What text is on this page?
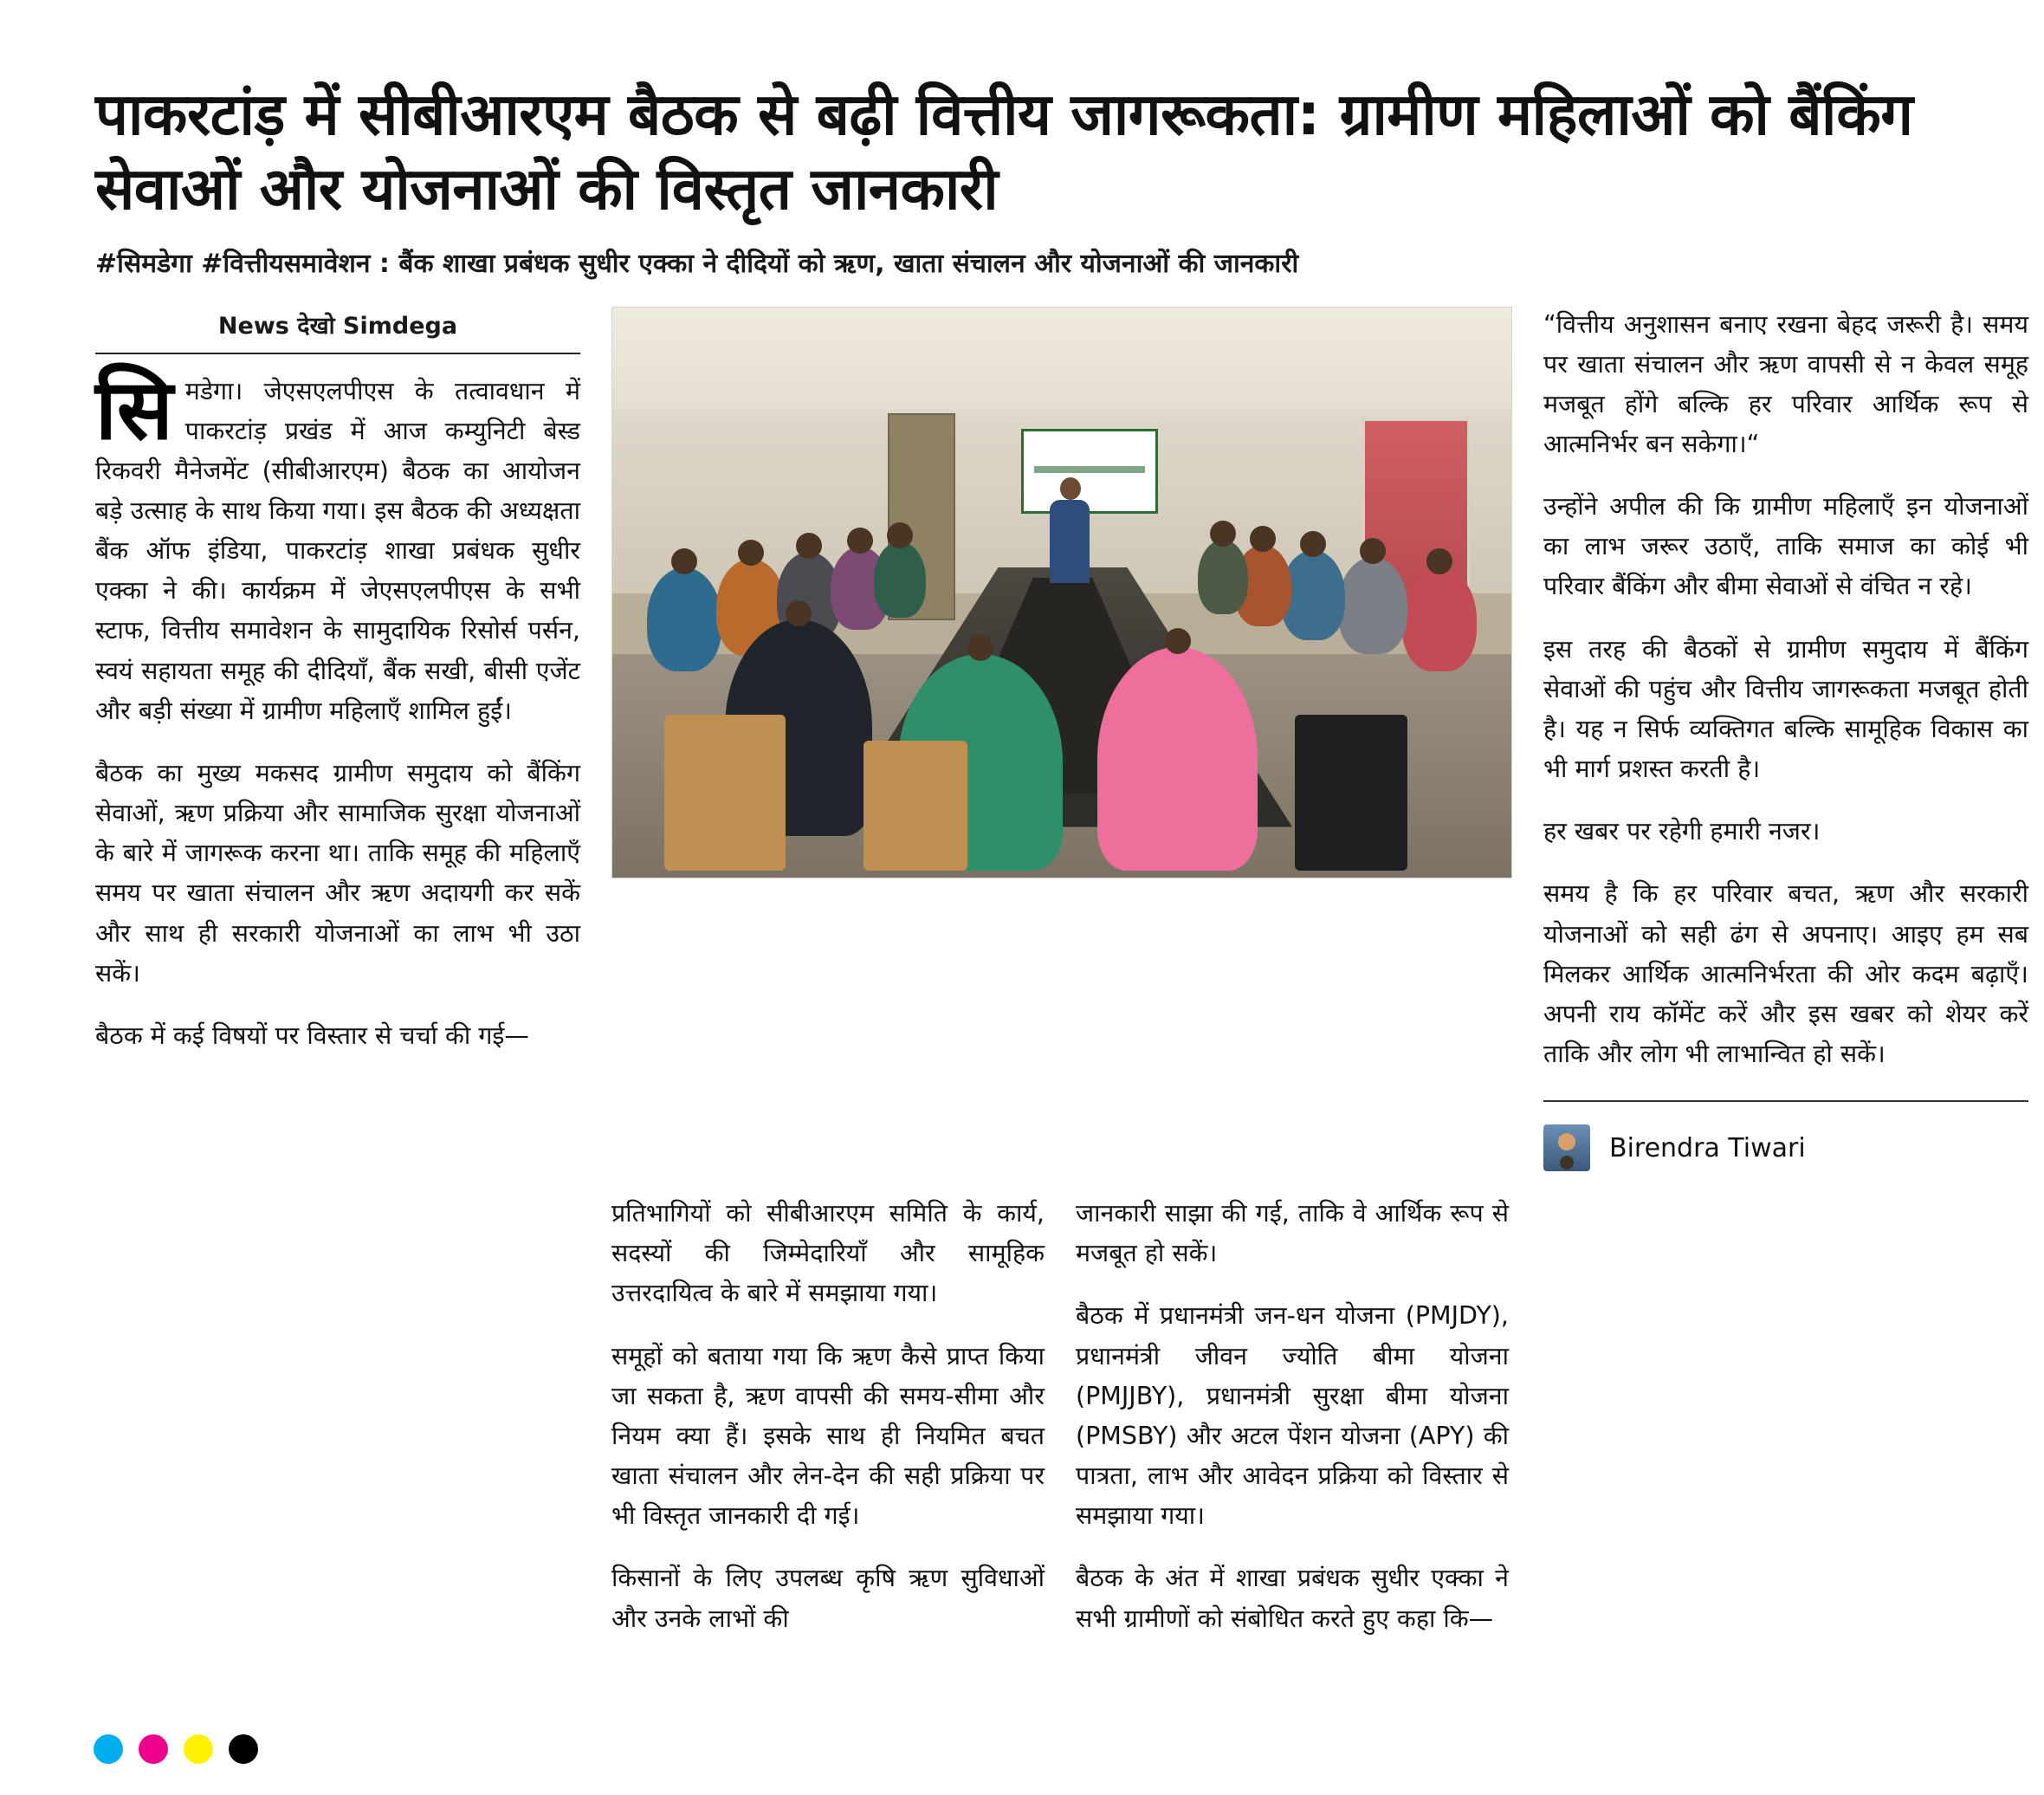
पाकरटांड़ में सीबीआरएम बैठक से बढ़ी वित्तीय जागरूकता: ग्रामीण महिलाओं को बैंकिंग सेवाओं और योजनाओं की विस्तृत जानकारी
#सिमडेगा #वित्तीयसमावेशन : बैंक शाखा प्रबंधक सुधीर एक्का ने दीदियों को ऋण, खाता संचालन और योजनाओं की जानकारी
News देखो Simdega

सिमडेगा। जेएसएलपीएस के तत्वावधान में पाकरटांड़ प्रखंड में आज कम्युनिटी बेस्ड रिकवरी मैनेजमेंट (सीबीआरएम) बैठक का आयोजन बड़े उत्साह के साथ किया गया। इस बैठक की अध्यक्षता बैंक ऑफ इंडिया, पाकरटांड़ शाखा प्रबंधक सुधीर एक्का ने की। कार्यक्रम में जेएसएलपीएस के सभी स्टाफ, वित्तीय समावेशन के सामुदायिक रिसोर्स पर्सन, स्वयं सहायता समूह की दीदियाँ, बैंक सखी, बीसी एजेंट और बड़ी संख्या में ग्रामीण महिलाएँ शामिल हुईं।

बैठक का मुख्य मकसद ग्रामीण समुदाय को बैंकिंग सेवाओं, ऋण प्रक्रिया और सामाजिक सुरक्षा योजनाओं के बारे में जागरूक करना था। ताकि समूह की महिलाएँ समय पर खाता संचालन और ऋण अदायगी कर सकें और साथ ही सरकारी योजनाओं का लाभ भी उठा सकें।

बैठक में कई विषयों पर विस्तार से चर्चा की गई—

“वित्तीय अनुशासन बनाए रखना बेहद जरूरी है। समय पर खाता संचालन और ऋण वापसी से न केवल समूह मजबूत होंगे बल्कि हर परिवार आर्थिक रूप से आत्मनिर्भर बन सकेगा।“

उन्होंने अपील की कि ग्रामीण महिलाएँ इन योजनाओं का लाभ जरूर उठाएँ, ताकि समाज का कोई भी परिवार बैंकिंग और बीमा सेवाओं से वंचित न रहे।

इस तरह की बैठकों से ग्रामीण समुदाय में बैंकिंग सेवाओं की पहुंच और वित्तीय जागरूकता मजबूत होती है। यह न सिर्फ व्यक्तिगत बल्कि सामूहिक विकास का भी मार्ग प्रशस्त करती है।

हर खबर पर रहेगी हमारी नजर।

समय है कि हर परिवार बचत, ऋण और सरकारी योजनाओं को सही ढंग से अपनाए। आइए हम सब मिलकर आर्थिक आत्मनिर्भरता की ओर कदम बढ़ाएँ। अपनी राय कॉमेंट करें और इस खबर को शेयर करें ताकि और लोग भी लाभान्वित हो सकें।

Birendra Tiwari

प्रतिभागियों को सीबीआरएम समिति के कार्य, सदस्यों की जिम्मेदारियाँ और सामूहिक उत्तरदायित्व के बारे में समझाया गया।

समूहों को बताया गया कि ऋण कैसे प्राप्त किया जा सकता है, ऋण वापसी की समय-सीमा और नियम क्या हैं। इसके साथ ही नियमित बचत खाता संचालन और लेन-देन की सही प्रक्रिया पर भी विस्तृत जानकारी दी गई।

किसानों के लिए उपलब्ध कृषि ऋण सुविधाओं और उनके लाभों की

जानकारी साझा की गई, ताकि वे आर्थिक रूप से मजबूत हो सकें।

बैठक में प्रधानमंत्री जन-धन योजना (PMJDY), प्रधानमंत्री जीवन ज्योति बीमा योजना (PMJJBY), प्रधानमंत्री सुरक्षा बीमा योजना (PMSBY) और अटल पेंशन योजना (APY) की पात्रता, लाभ और आवेदन प्रक्रिया को विस्तार से समझाया गया।

बैठक के अंत में शाखा प्रबंधक सुधीर एक्का ने सभी ग्रामीणों को संबोधित करते हुए कहा कि—
